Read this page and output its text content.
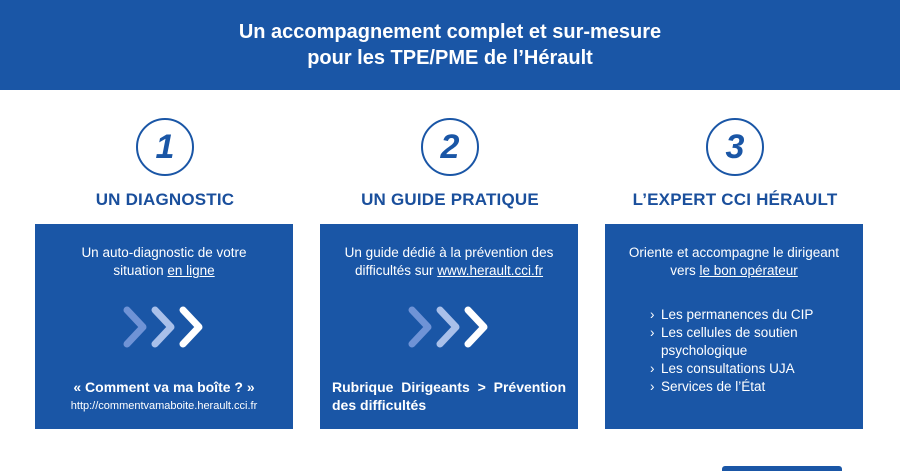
Un accompagnement complet et sur-mesure
pour les TPE/PME de l’Hérault
1
UN DIAGNOSTIC
2
UN GUIDE PRATIQUE
3
L’EXPERT CCI HÉRAULT
Un auto-diagnostic de votre
situation en ligne
« Comment va ma boîte ? »
http://commentvamaboite.herault.cci.fr
Un guide dédié à la prévention des
difficultés sur www.herault.cci.fr
Rubrique Dirigeants > Prévention
des difficultés
Oriente et accompagne le dirigeant
vers le bon opérateur
› Les permanences du CIP
› Les cellules de soutien psychologique
› Les consultations UJA
› Services de l’État
